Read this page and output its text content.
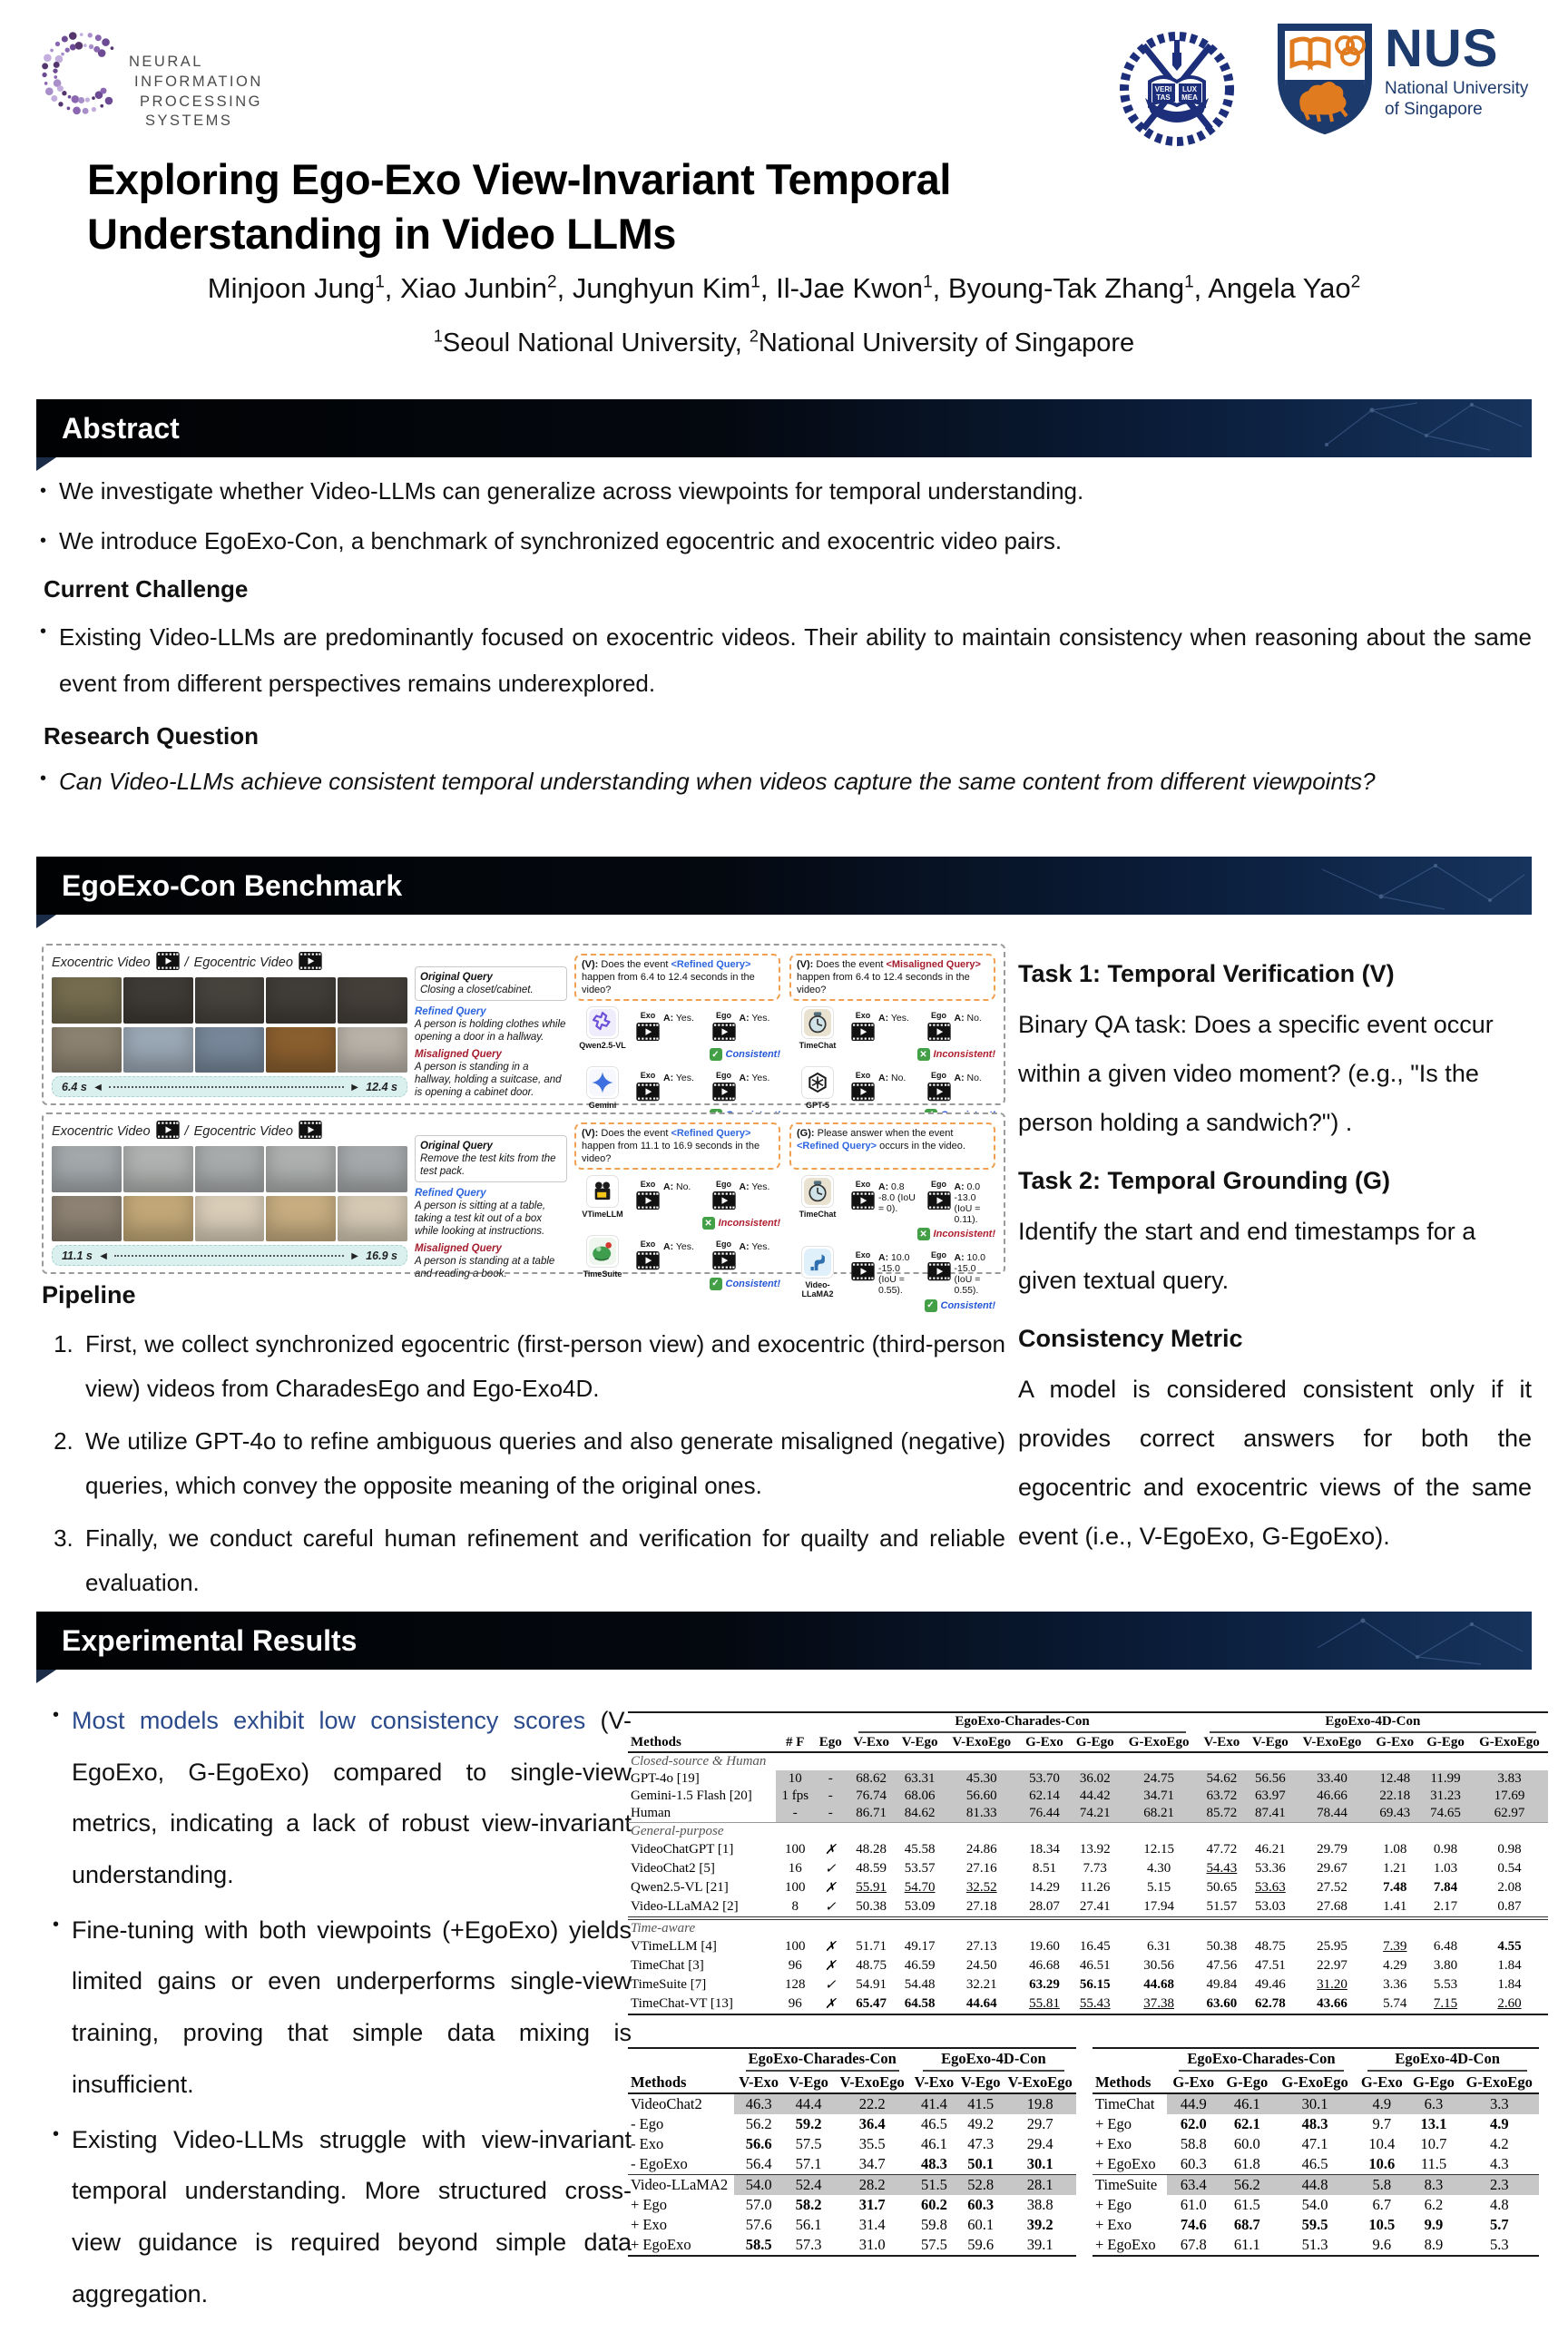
NEURAL
INFORMATION
PROCESSING
SYSTEMS
VERI
TAS
LUX
MEA
NUS
National University
of Singapore
Exploring Ego-Exo View-Invariant Temporal
Understanding in Video LLMs
Minjoon Jung$^1$, Xiao Junbin$^2$, Junghyun Kim$^1$, Il-Jae Kwon$^1$, Byoung-Tak Zhang$^1$, Angela Yao$^2$
$^1$Seoul National University, $^2$National University of Singapore
Abstract
• We investigate whether Video-LLMs can generalize across viewpoints for temporal understanding.
• We introduce EgoExo-Con, a benchmark of synchronized egocentric and exocentric video pairs.
Current Challenge
• Existing Video-LLMs are predominantly focused on exocentric videos. Their ability to maintain consistency when reasoning about the same event from different perspectives remains underexplored.
Research Question
• Can Video-LLMs achieve consistent temporal understanding when videos capture the same content from different viewpoints?
EgoExo-Con Benchmark
Exocentric Video	/ Egocentric Video
6.4 s ◄	► 12.4 s
Original Query
Closing a closet/cabinet.
Refined Query
A person is holding clothes while opening a door in a hallway.
Misaligned Query
A person is standing in a hallway, holding a suitcase, and is opening a cabinet door.
(V): Does the event <Refined Query> happen from 6.4 to 12.4 seconds in the video?
Qwen2.5-VL
Exo A: Yes.	Ego A: Yes.
✓ Consistent!
Gemini
Exo A: Yes.	Ego A: Yes.
(V): Does the event <Misaligned Query> happen from 6.4 to 12.4 seconds in the video?
TimeChat
Exo A: Yes.	Ego A: No.
✕ Inconsistent!
GPT-5
Exo A: No.	Ego A: No.
Exocentric Video	/ Egocentric Video
11.1 s ◄	► 16.9 s
Original Query
Remove the test kits from the test pack.
Refined Query
A person is sitting at a table, taking a test kit out of a box while looking at instructions.
Misaligned Query
A person is standing at a table and reading a book.
(V): Does the event <Refined Query> happen from 11.1 to 16.9 seconds in the video?
VTimeLLM
Exo A: No.	Ego A: Yes.
✕ Inconsistent!
TimeSuite
Exo A: Yes.	Ego A: Yes.
✓ Consistent!
(G): Please answer when the event <Refined Query> occurs in the video.
TimeChat
Exo A: 0.8 -8.0 (IoU = 0).
Ego A: 0.0 -13.0 (IoU = 0.11).
✕ Inconsistent!
Video-LLaMA2
Exo A: 10.0 -15.0 (IoU = 0.55).
Ego A: 10.0 -15.0 (IoU = 0.55).
✓ Consistent!
Task 1: Temporal Verification (V)
Binary QA task: Does a specific event occur within a given video moment? (e.g., "Is the person holding a sandwich?") .
Task 2: Temporal Grounding (G)
Identify the start and end timestamps for a given textual query.
Consistency Metric
A model is considered consistent only if it provides correct answers for both the egocentric and exocentric views of the same event (i.e., V-EgoExo, G-EgoExo).
Pipeline
1. First, we collect synchronized egocentric (first-person view) and exocentric (third-person view) videos from CharadesEgo and Ego-Exo4D.
2. We utilize GPT-4o to refine ambiguous queries and also generate misaligned (negative) queries, which convey the opposite meaning of the original ones.
3. Finally, we conduct careful human refinement and verification for quailty and reliable evaluation.
Experimental Results
• Most models exhibit low consistency scores (V-EgoExo, G-EgoExo) compared to single-view metrics, indicating a lack of robust view-invariant understanding.
• Fine-tuning with both viewpoints (+EgoExo) yields limited gains or even underperforms single-view training, proving that simple data mixing is insufficient.
• Existing Video-LLMs struggle with view-invariant temporal understanding. More structured cross-view guidance is required beyond simple data aggregation.
Methods	# F	Ego	EgoExo-Charades-Con						EgoExo-4D-Con					

			V-Exo	V-Ego	V-ExoEgo	G-Exo	G-Ego	G-ExoEgo	V-Exo	V-Ego	V-ExoEgo	G-Exo	G-Ego	G-ExoEgo
Closed-source & Human														
GPT-4o [19]	10	-	68.62	63.31	45.30	53.70	36.02	24.75	54.62	56.56	33.40	12.48	11.99	3.83
Gemini-1.5 Flash [20]	1 fps	-	76.74	68.06	56.60	62.14	44.42	34.71	63.72	63.97	46.66	22.18	31.23	17.69
Human	-	-	86.71	84.62	81.33	76.44	74.21	68.21	85.72	87.41	78.44	69.43	74.65	62.97
General-purpose														
VideoChatGPT [1]	100	✗	48.28	45.58	24.86	18.34	13.92	12.15	47.72	46.21	29.79	1.08	0.98	0.98
VideoChat2 [5]	16	✓	48.59	53.57	27.16	8.51	7.73	4.30	54.43	53.36	29.67	1.21	1.03	0.54
Qwen2.5-VL [21]	100	✗	55.91	54.70	32.52	14.29	11.26	5.15	50.65	53.63	27.52	7.48	7.84	2.08
Video-LLaMA2 [2]	8	✓	50.38	53.09	27.18	28.07	27.41	17.94	51.57	53.03	27.68	1.41	2.17	0.87
Time-aware														
VTimeLLM [4]	100	✗	51.71	49.17	27.13	19.60	16.45	6.31	50.38	48.75	25.95	7.39	6.48	4.55
TimeChat [3]	96	✗	48.75	46.59	24.50	46.68	46.51	30.56	47.56	47.51	22.97	4.29	3.80	1.84
TimeSuite [7]	128	✓	54.91	54.48	32.21	63.29	56.15	44.68	49.84	49.46	31.20	3.36	5.53	1.84
TimeChat-VT [13]	96	✗	65.47	64.58	44.64	55.81	55.43	37.38	63.60	62.78	43.66	5.74	7.15	2.60
Methods	EgoExo-Charades-Con			EgoExo-4D-Con		

	V-Exo	V-Ego	V-ExoEgo	V-Exo	V-Ego	V-ExoEgo
VideoChat2	46.3	44.4	22.2	41.4	41.5	19.8
- Ego	56.2	59.2	36.4	46.5	49.2	29.7
- Exo	56.6	57.5	35.5	46.1	47.3	29.4
- EgoExo	56.4	57.1	34.7	48.3	50.1	30.1
Video-LLaMA2	54.0	52.4	28.2	51.5	52.8	28.1
+ Ego	57.0	58.2	31.7	60.2	60.3	38.8
+ Exo	57.6	56.1	31.4	59.8	60.1	39.2
+ EgoExo	58.5	57.3	31.0	57.5	59.6	39.1
Methods	EgoExo-Charades-Con			EgoExo-4D-Con		

	G-Exo	G-Ego	G-ExoEgo	G-Exo	G-Ego	G-ExoEgo
TimeChat	44.9	46.1	30.1	4.9	6.3	3.3
+ Ego	62.0	62.1	48.3	9.7	13.1	4.9
+ Exo	58.8	60.0	47.1	10.4	10.7	4.2
+ EgoExo	60.3	61.8	46.5	10.6	11.5	4.3
TimeSuite	63.4	56.2	44.8	5.8	8.3	2.3
+ Ego	61.0	61.5	54.0	6.7	6.2	4.8
+ Exo	74.6	68.7	59.5	10.5	9.9	5.7
+ EgoExo	67.8	61.1	51.3	9.6	8.9	5.3
